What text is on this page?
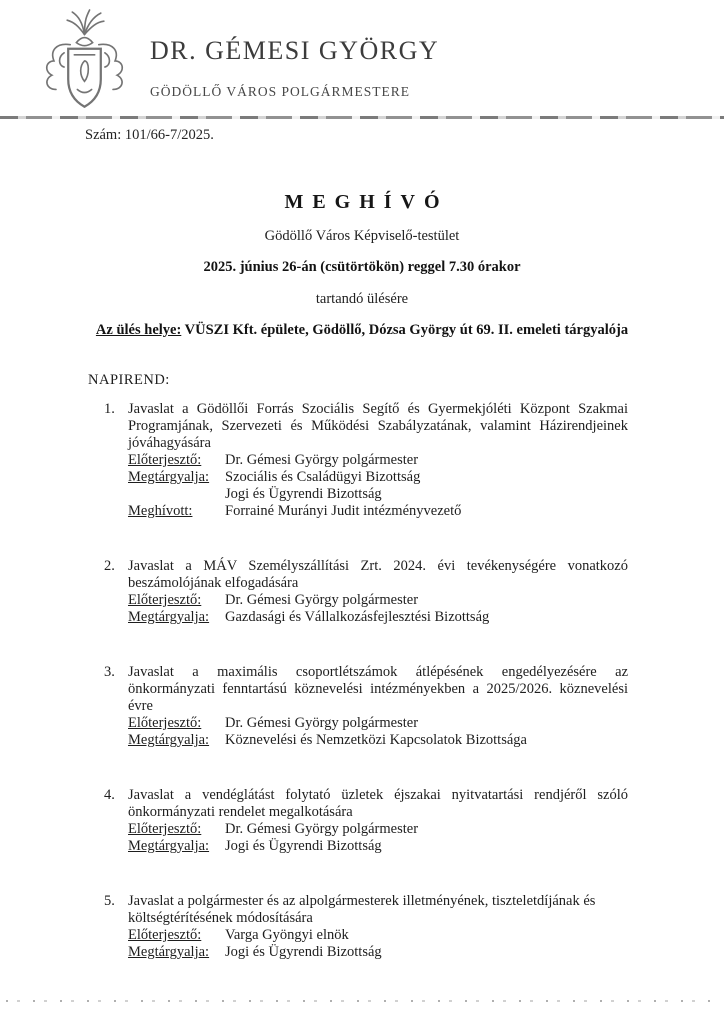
DR. GÉMESI GYÖRGY
GÖDÖLLŐ VÁROS POLGÁRMESTERE
Szám: 101/66-7/2025.
MEGHÍVÓ
Gödöllő Város Képviselő-testület
2025. június 26-án (csütörtökön) reggel 7.30 órakor
tartandó ülésére
Az ülés helye: VÜSZI Kft. épülete, Gödöllő, Dózsa György út 69. II. emeleti tárgyalója
NAPIREND:
1. Javaslat a Gödöllői Forrás Szociális Segítő és Gyermekjóléti Központ Szakmai Programjának, Szervezeti és Működési Szabályzatának, valamint Házirendjeinek jóváhagyására
Előterjesztő:	Dr. Gémesi György polgármester
Megtárgyalja:	Szociális és Családügyi Bizottság
Jogi és Ügyrendi Bizottság
Meghívott:	Forrainé Murányi Judit intézményvezető
2. Javaslat a MÁV Személyszállítási Zrt. 2024. évi tevékenységére vonatkozó beszámolójának elfogadására
Előterjesztő:	Dr. Gémesi György polgármester
Megtárgyalja:	Gazdasági és Vállalkozásfejlesztési Bizottság
3. Javaslat a maximális csoportlétszámok átlépésének engedélyezésére az önkormányzati fenntartású köznevelési intézményekben a 2025/2026. köznevelési évre
Előterjesztő:	Dr. Gémesi György polgármester
Megtárgyalja:	Köznevelési és Nemzetközi Kapcsolatok Bizottsága
4. Javaslat a vendéglátást folytató üzletek éjszakai nyitvatartási rendjéről szóló önkormányzati rendelet megalkotására
Előterjesztő:	Dr. Gémesi György polgármester
Megtárgyalja:	Jogi és Ügyrendi Bizottság
5. Javaslat a polgármester és az alpolgármesterek illetményének, tiszteletdíjának és költségtérítésének módosítására
Előterjesztő:	Varga Gyöngyi elnök
Megtárgyalja:	Jogi és Ügyrendi Bizottság
